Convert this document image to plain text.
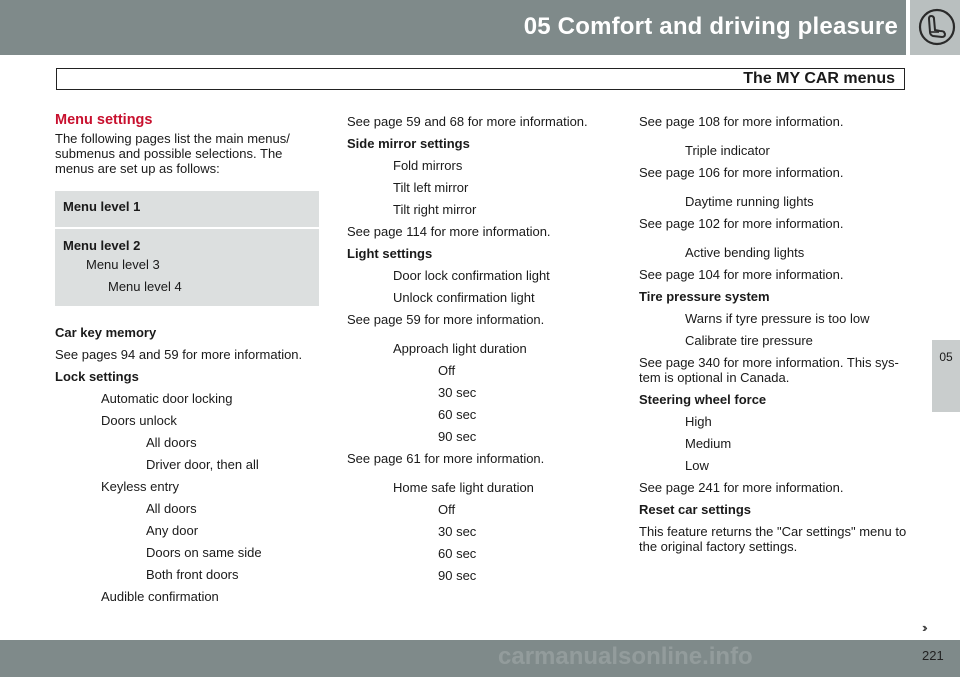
05 Comfort and driving pleasure
The MY CAR menus
05
Menu settings
The following pages list the main menus/ submenus and possible selections. The menus are set up as follows:
Menu level 1
Menu level 2
Menu level 3
Menu level 4
Car key memory
See pages 94 and 59 for more information.
Lock settings
Automatic door locking
Doors unlock
All doors
Driver door, then all
Keyless entry
All doors
Any door
Doors on same side
Both front doors
Audible confirmation
See page 59 and 68 for more information.
Side mirror settings
Fold mirrors
Tilt left mirror
Tilt right mirror
See page 114 for more information.
Light settings
Door lock confirmation light
Unlock confirmation light
See page 59 for more information.
Approach light duration
Off
30 sec
60 sec
90 sec
See page 61 for more information.
Home safe light duration
Off
30 sec
60 sec
90 sec
See page 108 for more information.
Triple indicator
See page 106 for more information.
Daytime running lights
See page 102 for more information.
Active bending lights
See page 104 for more information.
Tire pressure system
Warns if tyre pressure is too low
Calibrate tire pressure
See page 340 for more information. This sys- tem is optional in Canada.
Steering wheel force
High
Medium
Low
See page 241 for more information.
Reset car settings
This feature returns the "Car settings" menu to the original factory settings.
››
carmanualsonline.info	221
